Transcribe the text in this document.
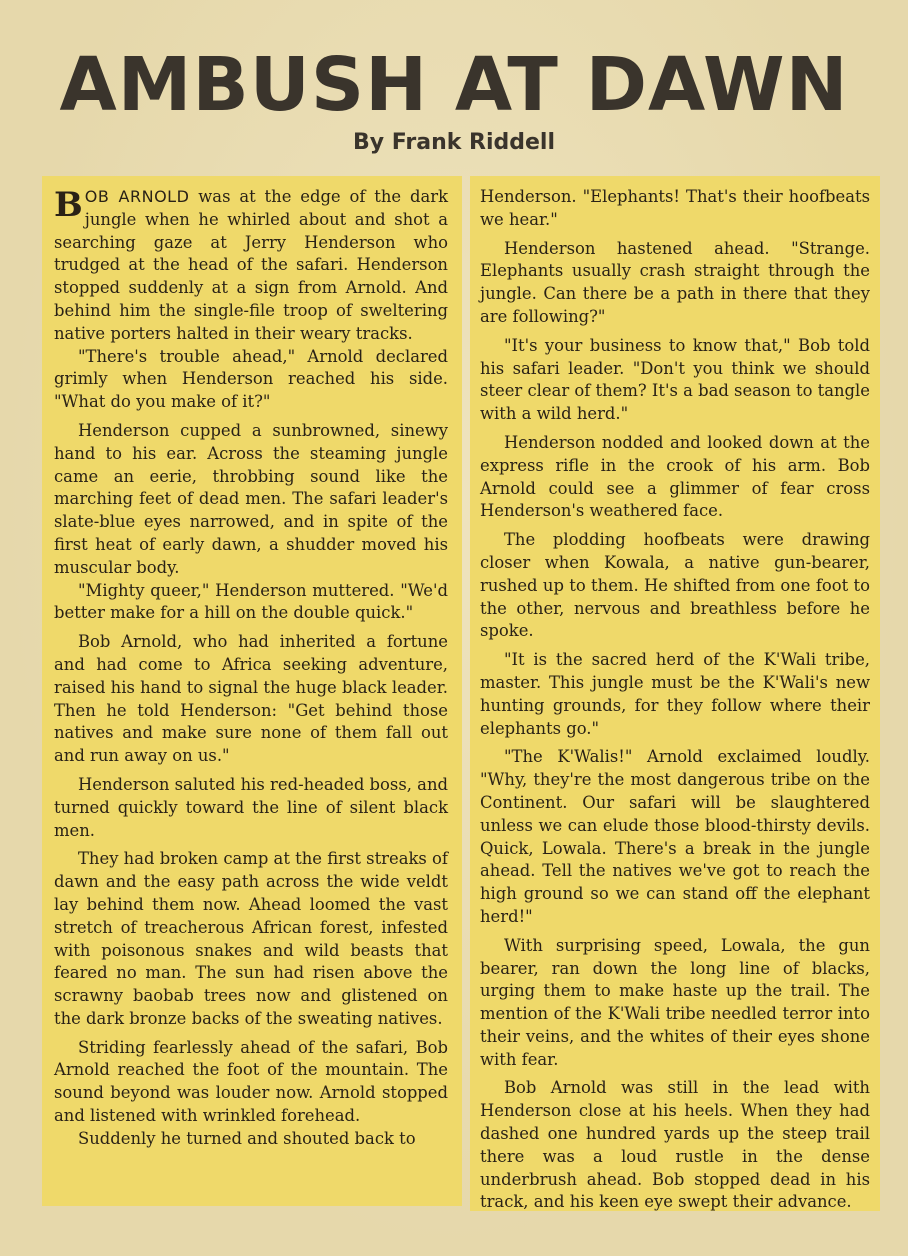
AMBUSH AT DAWN
By Frank Riddell

BOB ARNOLD was at the edge of the dark jungle when he whirled about and shot a searching gaze at Jerry Henderson who trudged at the head of the safari. Henderson stopped suddenly at a sign from Arnold. And behind him the single-file troop of sweltering native porters halted in their weary tracks.

"There's trouble ahead," Arnold declared grimly when Henderson reached his side. "What do you make of it?"

Henderson cupped a sunbrowned, sinewy hand to his ear. Across the steaming jungle came an eerie, throbbing sound like the marching feet of dead men. The safari leader's slate-blue eyes narrowed, and in spite of the first heat of early dawn, a shudder moved his muscular body.

"Mighty queer," Henderson muttered. "We'd better make for a hill on the double quick."

Bob Arnold, who had inherited a fortune and had come to Africa seeking adventure, raised his hand to signal the huge black leader. Then he told Henderson: "Get behind those natives and make sure none of them fall out and run away on us."

Henderson saluted his red-headed boss, and turned quickly toward the line of silent black men.

They had broken camp at the first streaks of dawn and the easy path across the wide veldt lay behind them now. Ahead loomed the vast stretch of treacherous African forest, infested with poisonous snakes and wild beasts that feared no man. The sun had risen above the scrawny baobab trees now and glistened on the dark bronze backs of the sweating natives.

Striding fearlessly ahead of the safari, Bob Arnold reached the foot of the mountain. The sound beyond was louder now. Arnold stopped and listened with wrinkled forehead.

Suddenly he turned and shouted back to

Henderson. "Elephants! That's their hoofbeats we hear."

Henderson hastened ahead. "Strange. Elephants usually crash straight through the jungle. Can there be a path in there that they are following?"

"It's your business to know that," Bob told his safari leader. "Don't you think we should steer clear of them? It's a bad season to tangle with a wild herd."

Henderson nodded and looked down at the express rifle in the crook of his arm. Bob Arnold could see a glimmer of fear cross Henderson's weathered face.

The plodding hoofbeats were drawing closer when Kowala, a native gun-bearer, rushed up to them. He shifted from one foot to the other, nervous and breathless before he spoke.

"It is the sacred herd of the K'Wali tribe, master. This jungle must be the K'Wali's new hunting grounds, for they follow where their elephants go."

"The K'Walis!" Arnold exclaimed loudly. "Why, they're the most dangerous tribe on the Continent. Our safari will be slaughtered unless we can elude those blood-thirsty devils. Quick, Lowala. There's a break in the jungle ahead. Tell the natives we've got to reach the high ground so we can stand off the elephant herd!"

With surprising speed, Lowala, the gun bearer, ran down the long line of blacks, urging them to make haste up the trail. The mention of the K'Wali tribe needled terror into their veins, and the whites of their eyes shone with fear.

Bob Arnold was still in the lead with Henderson close at his heels. When they had dashed one hundred yards up the steep trail there was a loud rustle in the dense underbrush ahead. Bob stopped dead in his track, and his keen eye swept their advance.
